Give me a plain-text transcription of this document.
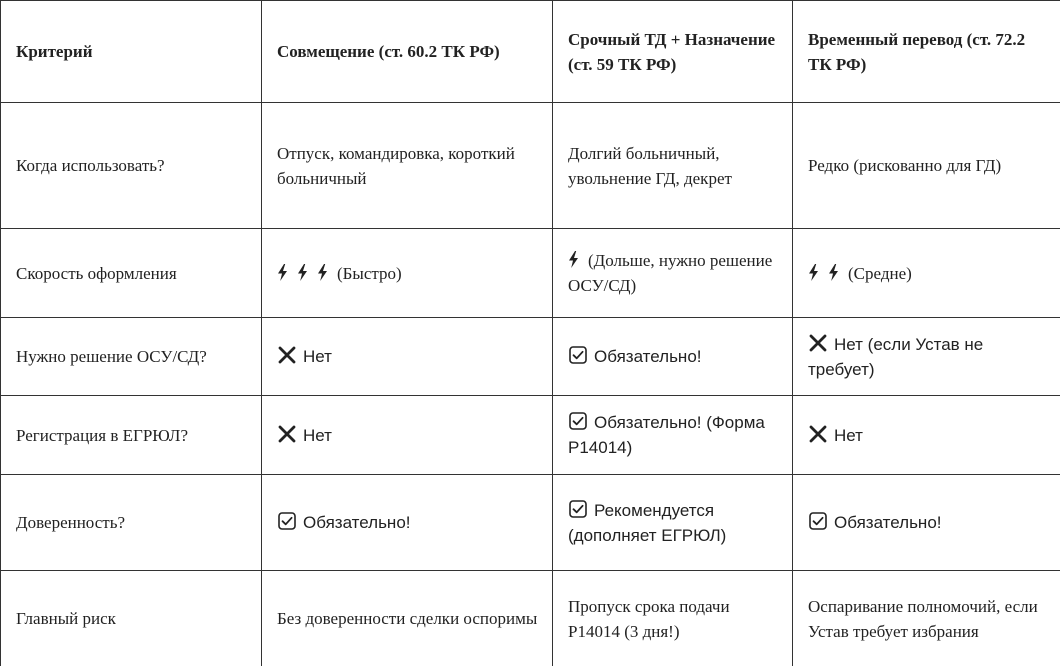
Критерий	Совмещение (ст. 60.2 ТК РФ)	Срочный ТД + Назначение (ст. 59 ТК РФ)	Временный перевод (ст. 72.2 ТК РФ)
Когда использовать?	Отпуск, командировка, короткий больничный	Долгий больничный, увольнение ГД, декрет	Редко (рискованно для ГД)
Скорость оформления	(Быстро)	(Дольше, нужно решение ОСУ/СД)	(Средне)
Нужно решение ОСУ/СД?	Нет	Обязательно!	Нет (если Устав не требует)
Регистрация в ЕГРЮЛ?	Нет	Обязательно! (Форма Р14014)	Нет
Доверенность?	Обязательно!	Рекомендуется (дополняет ЕГРЮЛ)	Обязательно!
Главный риск	Без доверенности сделки оспоримы	Пропуск срока подачи Р14014 (3 дня!)	Оспаривание полномочий, если Устав требует избрания
